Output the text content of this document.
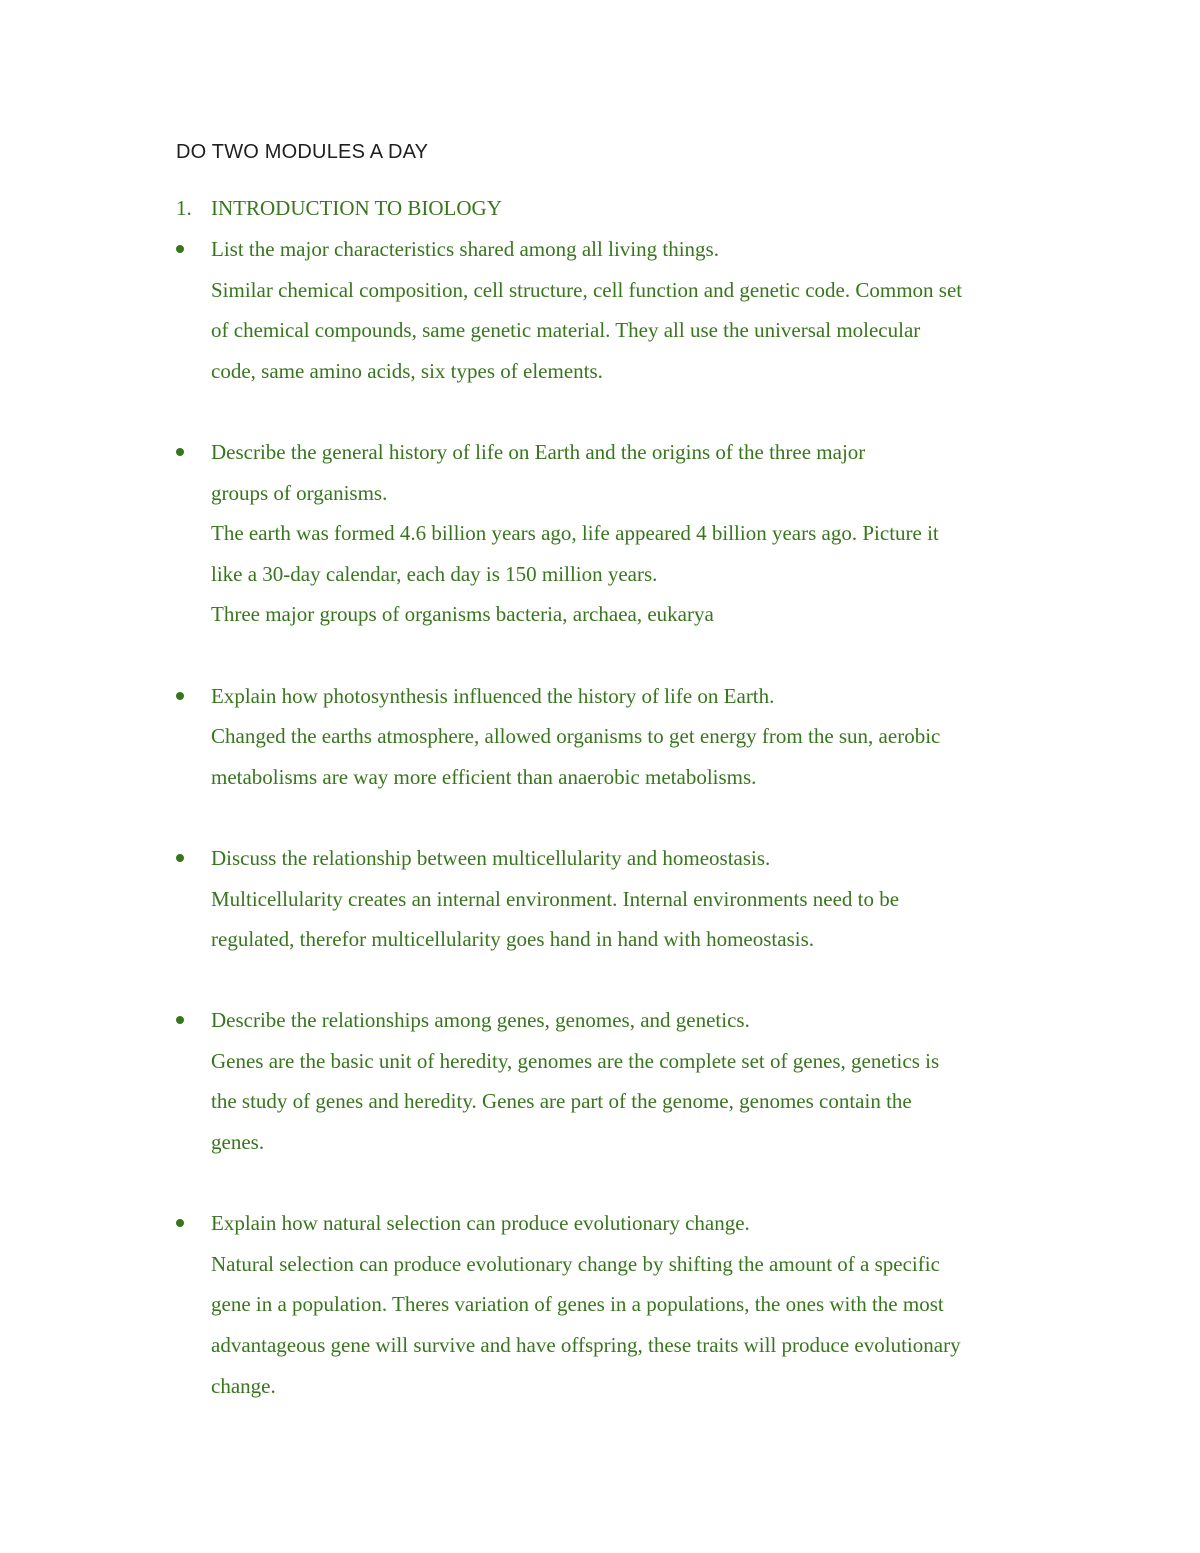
DO TWO MODULES A DAY
1. INTRODUCTION TO BIOLOGY
List the major characteristics shared among all living things.
Similar chemical composition, cell structure, cell function and genetic code. Common set
of chemical compounds, same genetic material. They all use the universal molecular
code, same amino acids, six types of elements.
Describe the general history of life on Earth and the origins of the three major
groups of organisms.
The earth was formed 4.6 billion years ago, life appeared 4 billion years ago. Picture it
like a 30-day calendar, each day is 150 million years.
Three major groups of organisms bacteria, archaea, eukarya
Explain how photosynthesis influenced the history of life on Earth.
Changed the earths atmosphere, allowed organisms to get energy from the sun, aerobic
metabolisms are way more efficient than anaerobic metabolisms.
Discuss the relationship between multicellularity and homeostasis.
Multicellularity creates an internal environment. Internal environments need to be
regulated, therefor multicellularity goes hand in hand with homeostasis.
Describe the relationships among genes, genomes, and genetics.
Genes are the basic unit of heredity, genomes are the complete set of genes, genetics is
the study of genes and heredity. Genes are part of the genome, genomes contain the
genes.
Explain how natural selection can produce evolutionary change.
Natural selection can produce evolutionary change by shifting the amount of a specific
gene in a population. Theres variation of genes in a populations, the ones with the most
advantageous gene will survive and have offspring, these traits will produce evolutionary
change.
